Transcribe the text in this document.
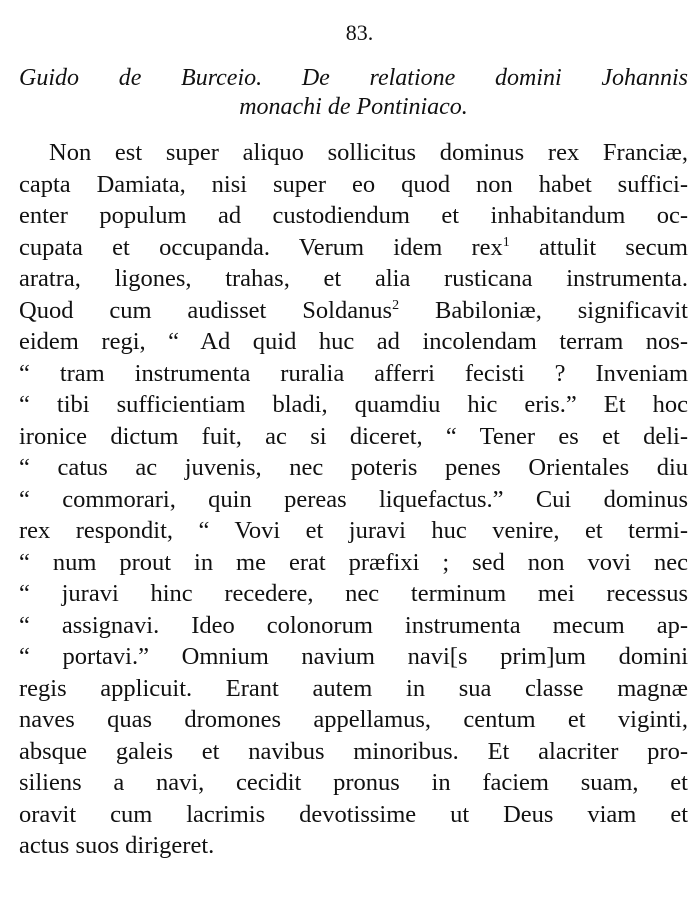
83.
Guido de Burceio. De relatione domini Johannis
monachi de Pontiniaco.
Non est super aliquo sollicitus dominus rex Franciæ,
capta Damiata, nisi super eo quod non habet suffici-
enter populum ad custodiendum et inhabitandum oc-
cupata et occupanda. Verum idem rex$^1$ attulit secum
aratra, ligones, trahas, et alia rusticana instrumenta.
Quod cum audisset Soldanus$^2$ Babiloniæ, significavit
eidem regi, “ Ad quid huc ad incolendam terram nos-
“ tram instrumenta ruralia afferri fecisti ? Inveniam
“ tibi sufficientiam bladi, quamdiu hic eris.” Et hoc
ironice dictum fuit, ac si diceret, “ Tener es et deli-
“ catus ac juvenis, nec poteris penes Orientales diu
“ commorari, quin pereas liquefactus.” Cui dominus
rex respondit, “ Vovi et juravi huc venire, et termi-
“ num prout in me erat præfixi ; sed non vovi nec
“ juravi hinc recedere, nec terminum mei recessus
“ assignavi. Ideo colonorum instrumenta mecum ap-
“ portavi.” Omnium navium navi[s prim]um domini
regis applicuit. Erant autem in sua classe magnæ
naves quas dromones appellamus, centum et viginti,
absque galeis et navibus minoribus. Et alacriter pro-
siliens a navi, cecidit pronus in faciem suam, et
oravit cum lacrimis devotissime ut Deus viam et
actus suos dirigeret.
